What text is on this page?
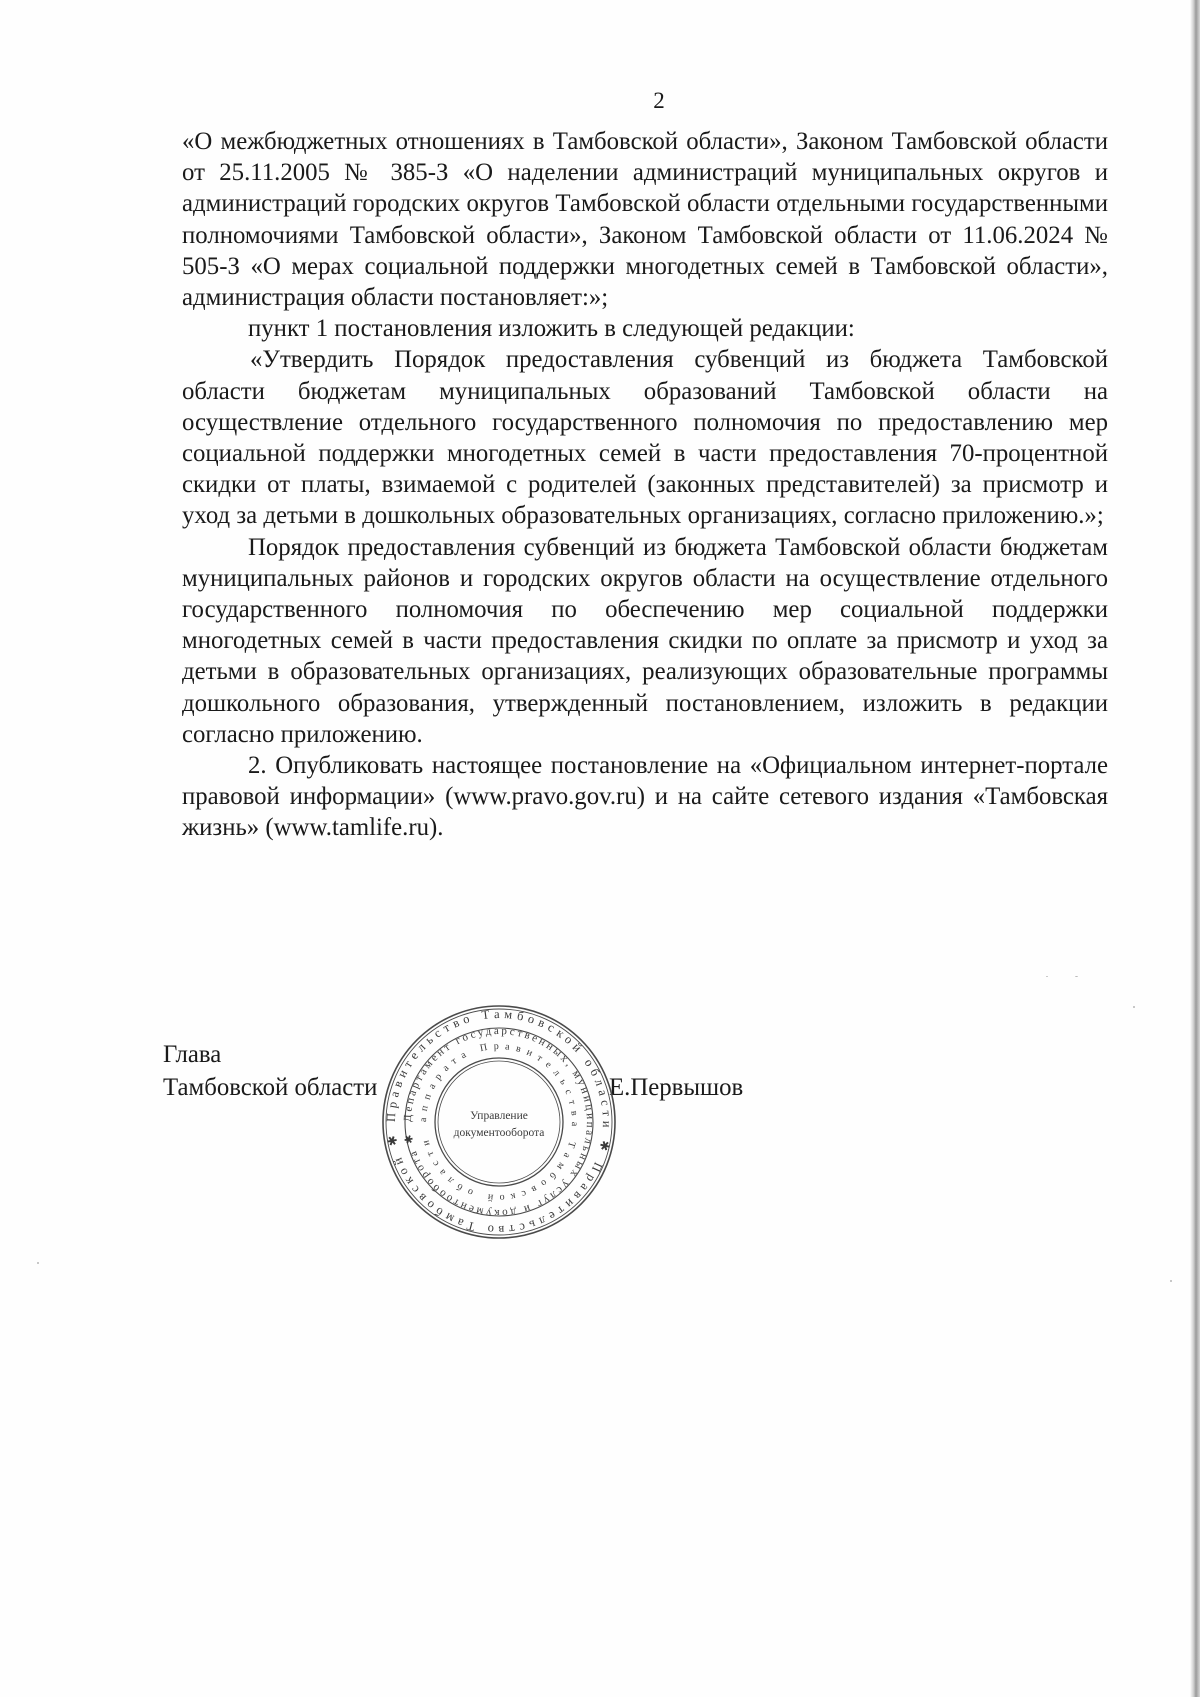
2

«О межбюджетных отношениях в Тамбовской области», Законом Тамбовской области от 25.11.2005 № 385-З «О наделении администраций муниципальных округов и администраций городских округов Тамбовской области отдельными государственными полномочиями Тамбовской области», Законом Тамбовской области от 11.06.2024 № 505-З «О мерах социальной поддержки многодетных семей в Тамбовской области», администрация области постановляет:»;

пункт 1 постановления изложить в следующей редакции:

«Утвердить Порядок предоставления субвенций из бюджета Тамбовской области бюджетам муниципальных образований Тамбовской области на осуществление отдельного государственного полномочия по предоставлению мер социальной поддержки многодетных семей в части предоставления 70-процентной скидки от платы, взимаемой с родителей (законных представителей) за присмотр и уход за детьми в дошкольных образовательных организациях, согласно приложению.»;

Порядок предоставления субвенций из бюджета Тамбовской области бюджетам муниципальных районов и городских округов области на осуществление отдельного государственного полномочия по обеспечению мер социальной поддержки многодетных семей в части предоставления скидки по оплате за присмотр и уход за детьми в образовательных организациях, реализующих образовательные программы дошкольного образования, утвержденный постановлением, изложить в редакции согласно приложению.

2. Опубликовать настоящее постановление на «Официальном интернет-портале правовой информации» (www.pravo.gov.ru) и на сайте сетевого издания «Тамбовская жизнь» (www.tamlife.ru).

Глава
Тамбовской области	Е.Первышов
Правительство Тамбовской области ✱ Правительство Тамбовской ✱
Департамент государственных, муниципальных услуг и документооборота ✱
аппарата Правительства Тамбовской области
Управление
документооборота
